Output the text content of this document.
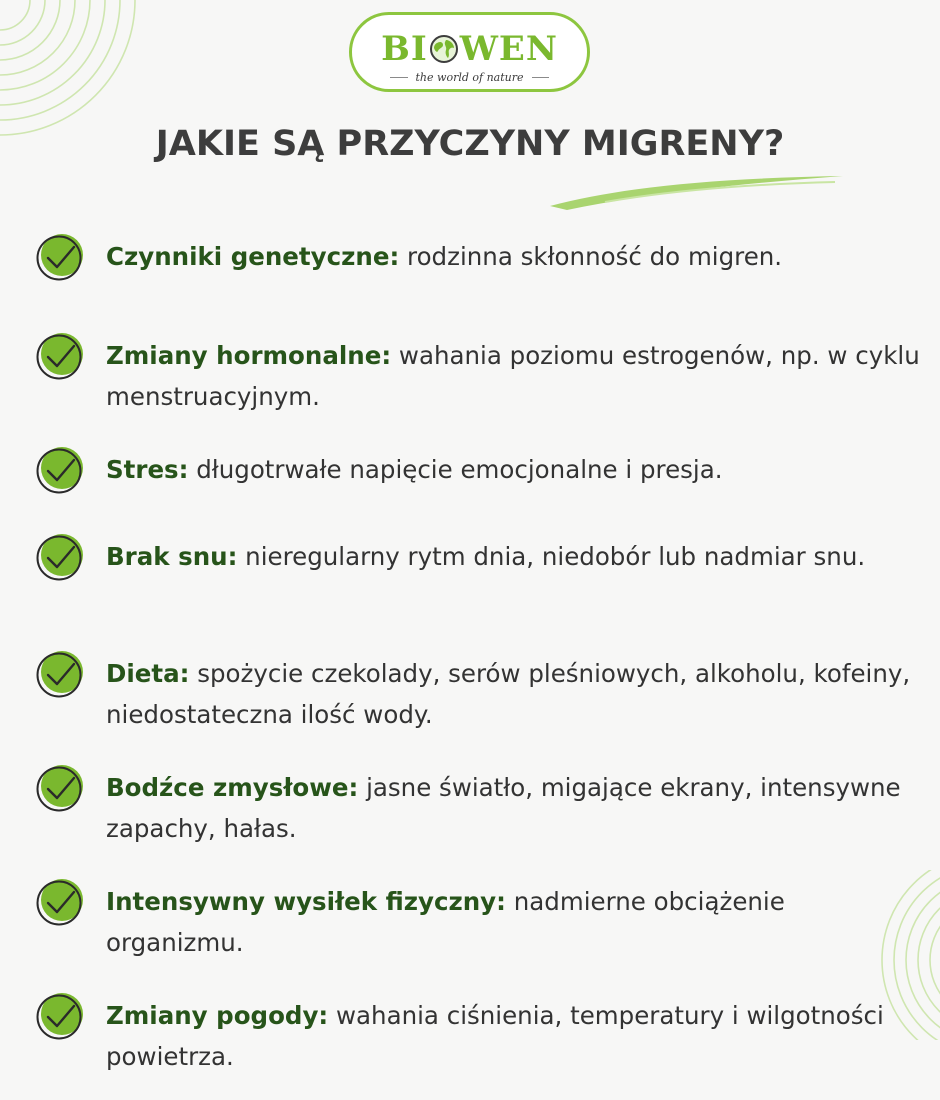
BI WEN
the world of nature
JAKIE SĄ PRZYCZYNY MIGRENY?

Czynniki genetyczne: rodzinna skłonność do migren.

Zmiany hormonalne: wahania poziomu estrogenów, np. w cyklu menstruacyjnym.

Stres: długotrwałe napięcie emocjonalne i presja.

Brak snu: nieregularny rytm dnia, niedobór lub nadmiar snu.

Dieta: spożycie czekolady, serów pleśniowych, alkoholu, kofeiny, niedostateczna ilość wody.

Bodźce zmysłowe: jasne światło, migające ekrany, intensywne zapachy, hałas.

Intensywny wysiłek fizyczny: nadmierne obciążenie organizmu.

Zmiany pogody: wahania ciśnienia, temperatury i wilgotności powietrza.
